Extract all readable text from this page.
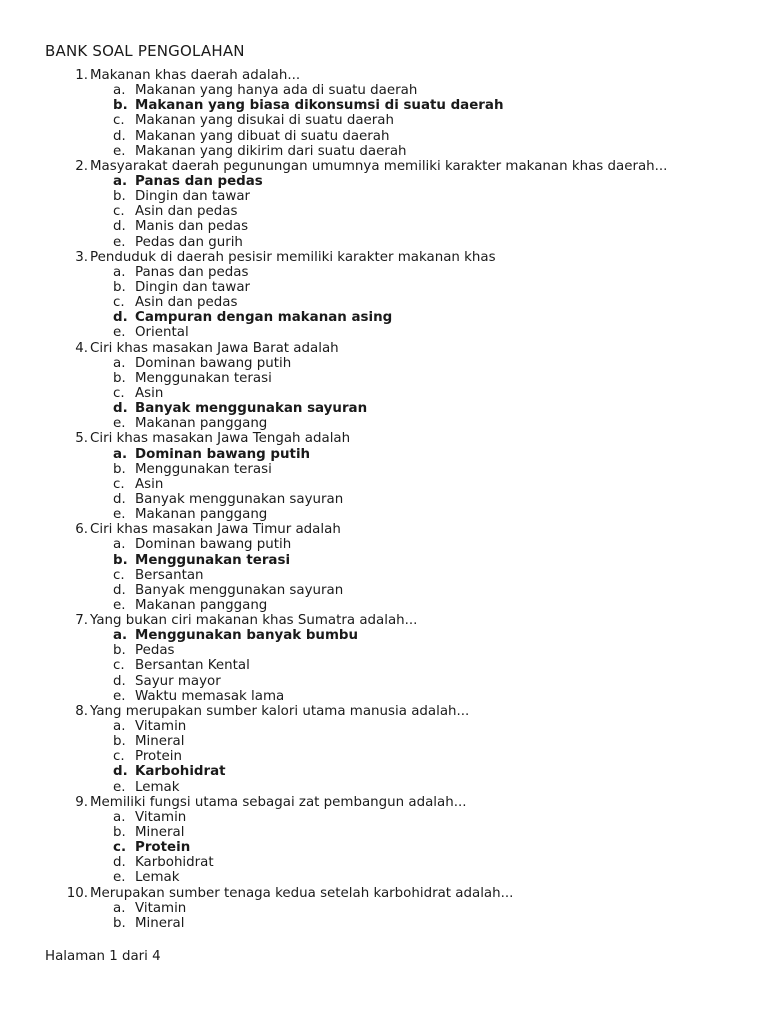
BANK SOAL PENGOLAHAN
1. Makanan khas daerah adalah...
a. Makanan yang hanya ada di suatu daerah
b. Makanan yang biasa dikonsumsi di suatu daerah
c. Makanan yang disukai di suatu daerah
d. Makanan yang dibuat di suatu daerah
e. Makanan yang dikirim dari suatu daerah
2. Masyarakat daerah pegunungan umumnya memiliki karakter makanan khas daerah...
a. Panas dan pedas
b. Dingin dan tawar
c. Asin dan pedas
d. Manis dan pedas
e. Pedas dan gurih
3. Penduduk di daerah pesisir memiliki karakter makanan khas
a. Panas dan pedas
b. Dingin dan tawar
c. Asin dan pedas
d. Campuran dengan makanan asing
e. Oriental
4. Ciri khas masakan Jawa Barat adalah
a. Dominan bawang putih
b. Menggunakan terasi
c. Asin
d. Banyak menggunakan sayuran
e. Makanan panggang
5. Ciri khas masakan Jawa Tengah adalah
a. Dominan bawang putih
b. Menggunakan terasi
c. Asin
d. Banyak menggunakan sayuran
e. Makanan panggang
6. Ciri khas masakan Jawa Timur adalah
a. Dominan bawang putih
b. Menggunakan terasi
c. Bersantan
d. Banyak menggunakan sayuran
e. Makanan panggang
7. Yang bukan ciri makanan khas Sumatra adalah...
a. Menggunakan banyak bumbu
b. Pedas
c. Bersantan Kental
d. Sayur mayor
e. Waktu memasak lama
8. Yang merupakan sumber kalori utama manusia adalah...
a. Vitamin
b. Mineral
c. Protein
d. Karbohidrat
e. Lemak
9. Memiliki fungsi utama sebagai zat pembangun adalah...
a. Vitamin
b. Mineral
c. Protein
d. Karbohidrat
e. Lemak
10. Merupakan sumber tenaga kedua setelah karbohidrat adalah...
a. Vitamin
b. Mineral
Halaman 1 dari 4
